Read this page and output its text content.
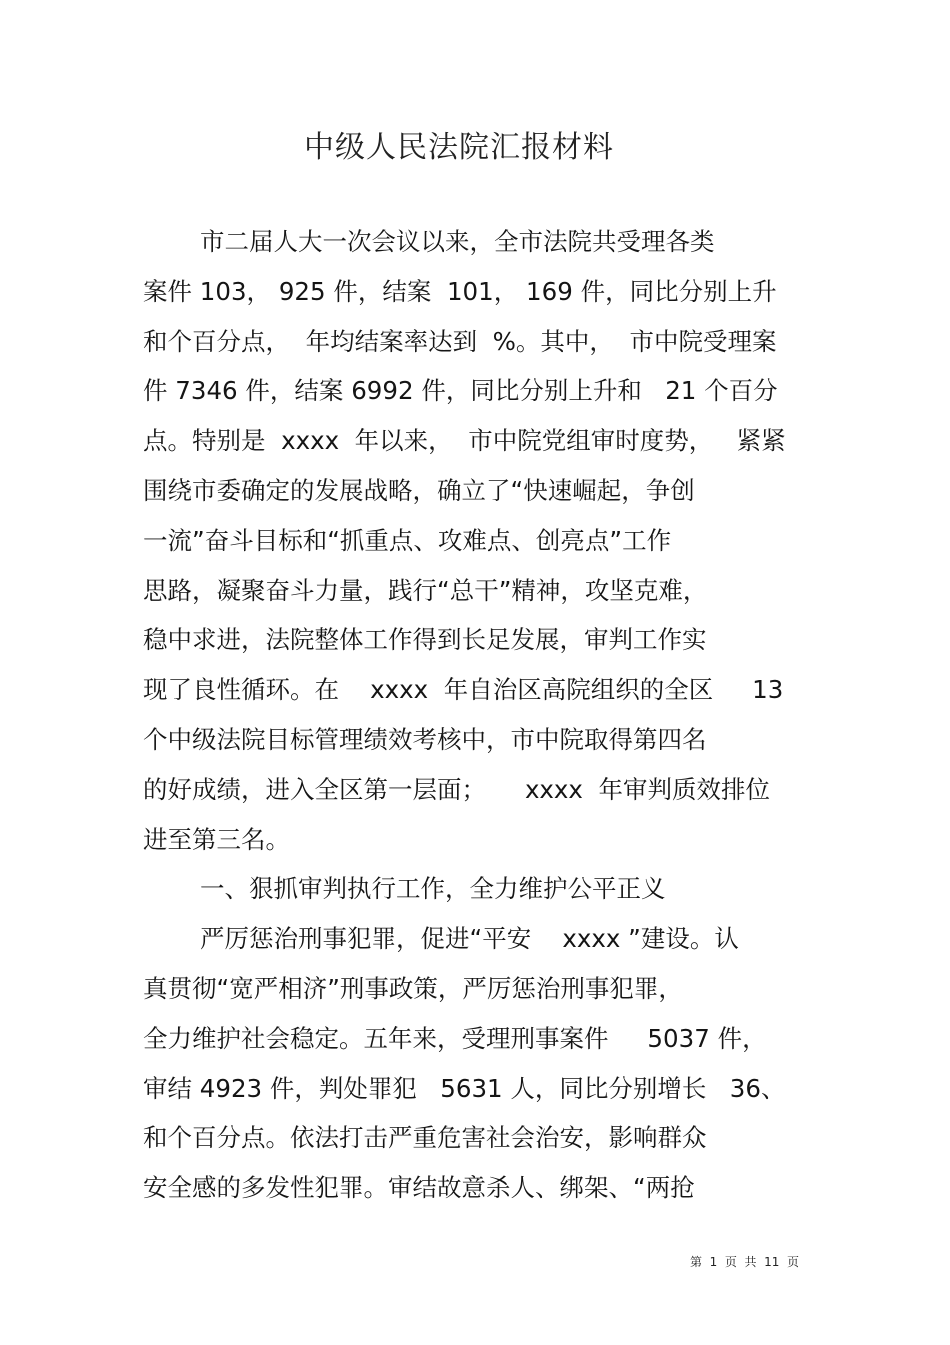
中级人民法院汇报材料
市二届人大一次会议以来，全市法院共受理各类
案件 103， 925 件，结案  101， 169 件，同比分别上升
和个百分点，  年均结案率达到  %。其中，  市中院受理案
件 7346 件，结案 6992 件，同比分别上升和   21 个百分
点。特别是  xxxx  年以来，  市中院党组审时度势，   紧紧
围绕市委确定的发展战略，确立了“快速崛起，争创
一流”奋斗目标和“抓重点、攻难点、创亮点”工作
思路，凝聚奋斗力量，践行“总干”精神，攻坚克难，
稳中求进，法院整体工作得到长足发展，审判工作实
现了良性循环。在    xxxx  年自治区高院组织的全区     13
个中级法院目标管理绩效考核中，市中院取得第四名
的好成绩，进入全区第一层面；     xxxx  年审判质效排位
进至第三名。
一、狠抓审判执行工作，全力维护公平正义
严厉惩治刑事犯罪，促进“平安    xxxx ”建设。认
真贯彻“宽严相济”刑事政策，严厉惩治刑事犯罪，
全力维护社会稳定。五年来，受理刑事案件     5037 件，
审结 4923 件，判处罪犯   5631 人，同比分别增长   36、
和个百分点。依法打击严重危害社会治安，影响群众
安全感的多发性犯罪。审结故意杀人、绑架、“两抢
第  1  页  共  11  页
